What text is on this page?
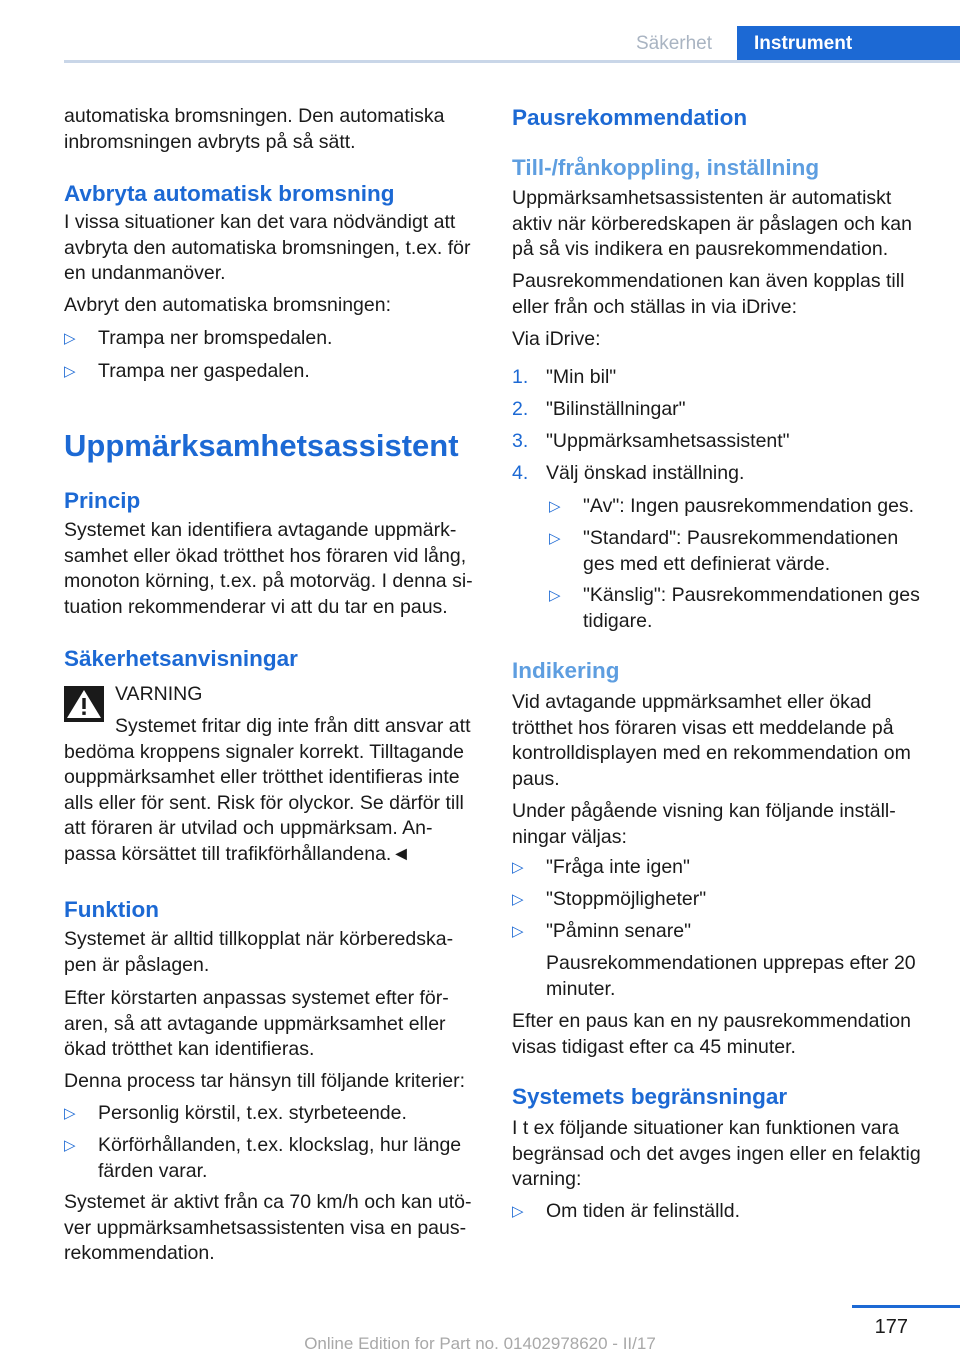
Säkerhet	Instrument
automatiska bromsningen. Den automatiska
inbromsningen avbryts på så sätt.
Avbryta automatisk bromsning
I vissa situationer kan det vara nödvändigt att
avbryta den automatiska bromsningen, t.ex. för
en undanmanöver.
Avbryt den automatiska bromsningen:
▷ Trampa ner bromspedalen.
▷ Trampa ner gaspedalen.
Uppmärksamhetsassistent
Princip
Systemet kan identifiera avtagande uppmärk-
samhet eller ökad trötthet hos föraren vid lång,
monoton körning, t.ex. på motorväg. I denna si-
tuation rekommenderar vi att du tar en paus.
Säkerhetsanvisningar
VARNING
Systemet fritar dig inte från ditt ansvar att
bedöma kroppens signaler korrekt. Tilltagande
ouppmärksamhet eller trötthet identifieras inte
alls eller för sent. Risk för olyckor. Se därför till
att föraren är utvilad och uppmärksam. An-
passa körsättet till trafikförhållandena.◄
Funktion
Systemet är alltid tillkopplat när körberedska-
pen är påslagen.
Efter körstarten anpassas systemet efter för-
aren, så att avtagande uppmärksamhet eller
ökad trötthet kan identifieras.
Denna process tar hänsyn till följande kriterier:
▷ Personlig körstil, t.ex. styrbeteende.
▷ Körförhållanden, t.ex. klockslag, hur länge
färden varar.
Systemet är aktivt från ca 70 km/h och kan utö-
ver uppmärksamhetsassistenten visa en paus-
rekommendation.
Pausrekommendation
Till-/frånkoppling, inställning
Uppmärksamhetsassistenten är automatiskt
aktiv när körberedskapen är påslagen och kan
på så vis indikera en pausrekommendation.
Pausrekommendationen kan även kopplas till
eller från och ställas in via iDrive:
Via iDrive:
1. "Min bil"
2. "Bilinställningar"
3. "Uppmärksamhetsassistent"
4. Välj önskad inställning.
▷ "Av": Ingen pausrekommendation ges.
▷ "Standard": Pausrekommendationen
ges med ett definierat värde.
▷ "Känslig": Pausrekommendationen ges
tidigare.
Indikering
Vid avtagande uppmärksamhet eller ökad
trötthet hos föraren visas ett meddelande på
kontrolldisplayen med en rekommendation om
paus.
Under pågående visning kan följande inställ-
ningar väljas:
▷ "Fråga inte igen"
▷ "Stoppmöjligheter"
▷ "Påminn senare"
Pausrekommendationen upprepas efter 20
minuter.
Efter en paus kan en ny pausrekommendation
visas tidigast efter ca 45 minuter.
Systemets begränsningar
I t ex följande situationer kan funktionen vara
begränsad och det avges ingen eller en felaktig
varning:
▷ Om tiden är felinställd.
177
Online Edition for Part no. 01402978620 - II/17
